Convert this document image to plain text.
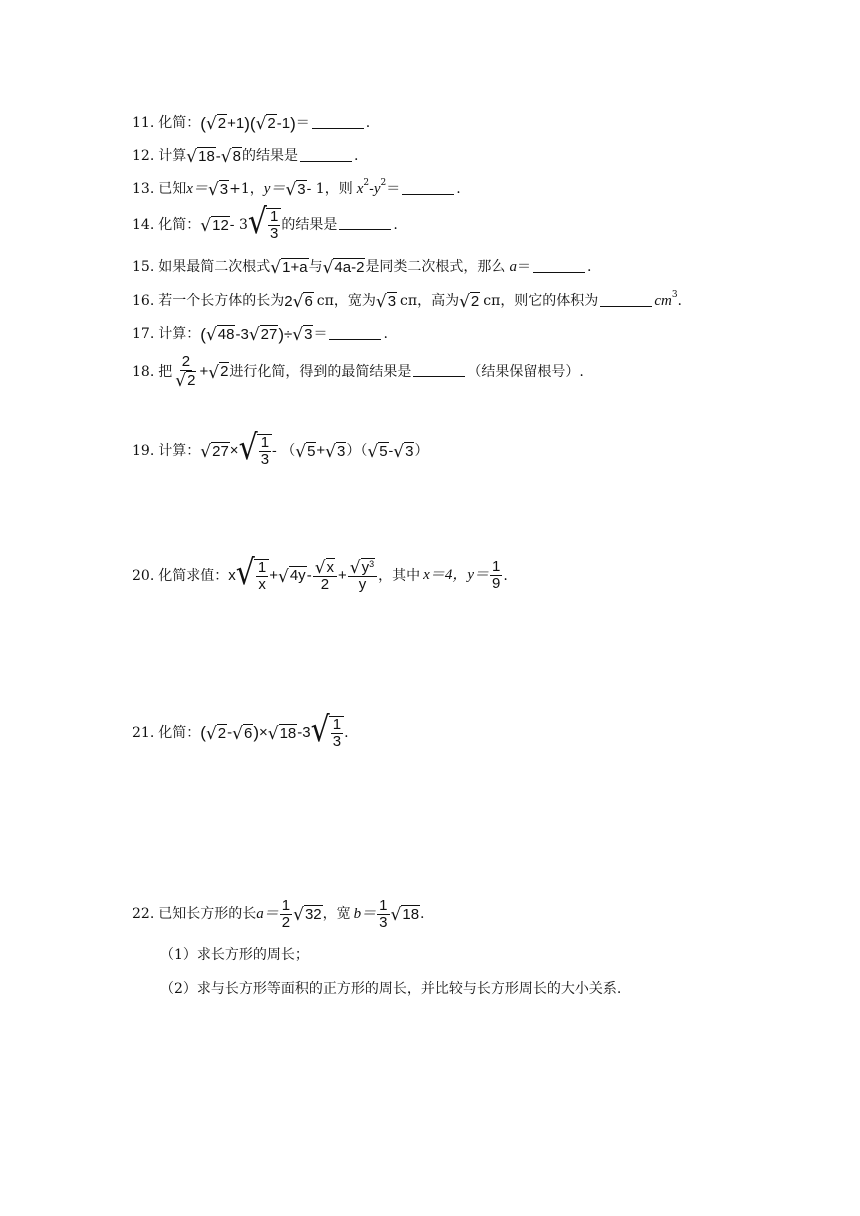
11. 化简： ( √ 2 +1 ) ( √ 2 -1 ) ＝	.
12. 计算 √ 18 - √ 8 的结果是	.
13. 已知 x＝ √ 3 +1， y＝ √ 3 - 1，则 x 2 - y 2 ＝	.
14. 化简： √ 12 - 3 √ $\frac{1}{3}$ 的结果是	.
15. 如果最简二次根式 √ 1+a 与 √ 4a-2 是同类二次根式，那么 a ＝	.
16. 若一个长方体的长为 2 √ 6 cπ ，宽为 √ 3 cπ ，高为 √ 2 cπ ，则它的体积为	cm 3 .
17. 计算： ( √ 48 -3 √ 27 ) ÷ √ 3 ＝	.
18. 把 $\frac{2}{√ 2}$ + √ 2 进行化简，得到的最简结果是	（结果保留根号）.
19. 计算： √ 27 × √ $\frac{1}{3}$ - （ √ 5 + √ 3 ）（ √ 5 - √ 3 ）
20. 化简求值： x √ $\frac{1}{x}$ + √ $4y - \frac{√ x}{2} + \frac{√ y^3}{y}$ ，其中 x＝4， $y= \frac{1}{9}$ .
21. 化简： ( √ 2 - √ 6 ) × √ 18 -3 √ $\frac{1}{3}$ .
22. 已知长方形的长 $a= \frac{1}{2}$ √ 32 ，宽 $b= \frac{1}{3}$ √ 18 .
（1）求长方形的周长；
（2）求与长方形等面积的正方形的周长，并比较与长方形周长的大小关系.
